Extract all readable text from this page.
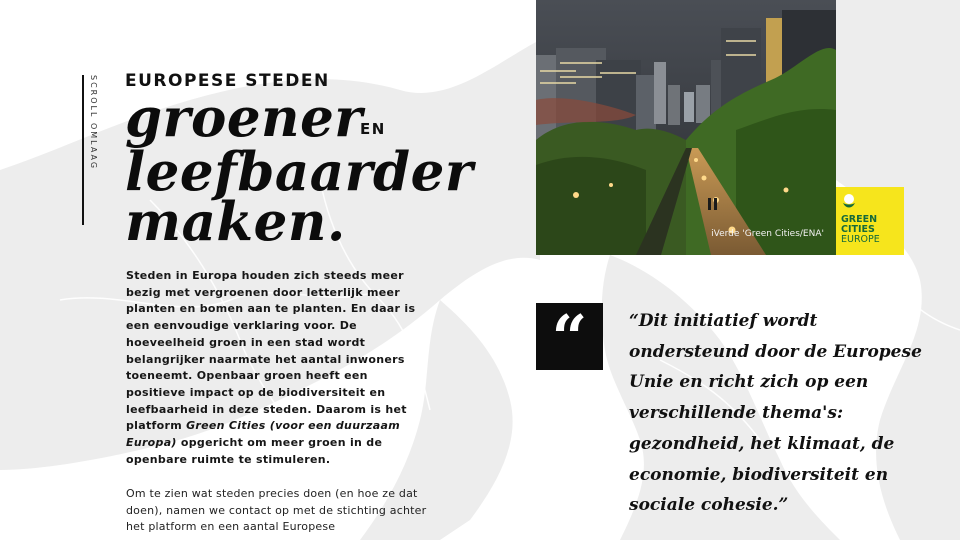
SCROLL OMLAAG EUROPESE STEDEN
groener
EN
leefbaarder
maken.

Steden in Europa houden zich steeds meer bezig met vergroenen door letterlijk meer planten en bomen aan te planten. En daar is een eenvoudige verklaring voor. De hoeveelheid groen in een stad wordt belangrijker naarmate het aantal inwoners toeneemt. Openbaar groen heeft een positieve impact op de biodiversiteit en leefbaarheid in deze steden. Daarom is het platform Green Cities (voor een duurzaam Europa) opgericht om meer groen in de openbare ruimte te stimuleren.

Om te zien wat steden precies doen (en hoe ze dat doen), namen we contact op met de stichting achter het platform en een aantal Europese

iVerde 'Green Cities/ENA'
GREEN
CITIES
EUROPE
“	“Dit initiatief wordt ondersteund door de Europese Unie en richt zich op een verschillende thema's: gezondheid, het klimaat, de economie, biodiversiteit en sociale cohesie.”
